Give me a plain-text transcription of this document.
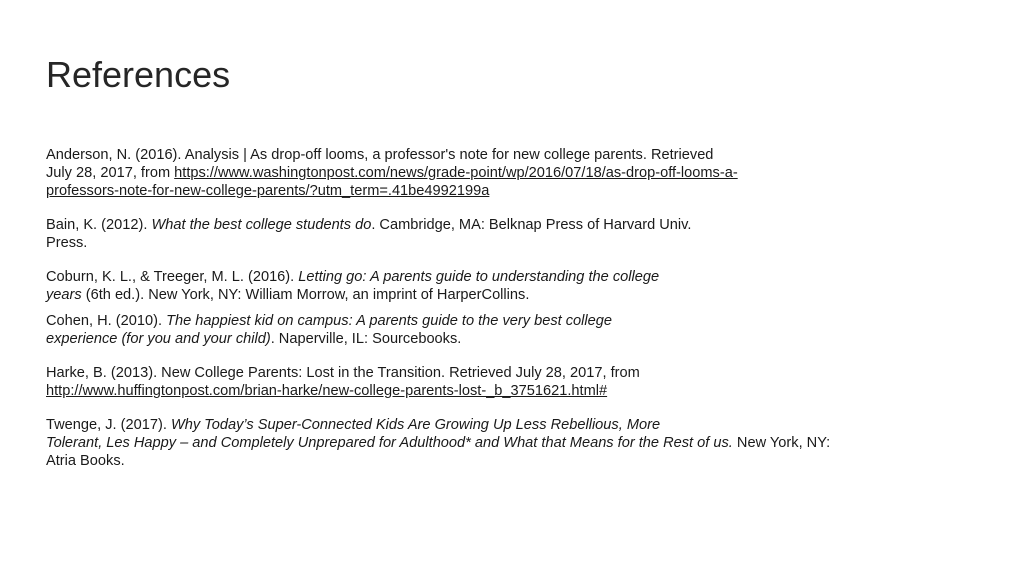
References

Anderson, N. (2016). Analysis | As drop-off looms, a professor's note for new college parents. Retrieved
July 28, 2017, from https://www.washingtonpost.com/news/grade-point/wp/2016/07/18/as-drop-off-looms-a-
professors-note-for-new-college-parents/?utm_term=.41be4992199a

Bain, K. (2012). What the best college students do. Cambridge, MA: Belknap Press of Harvard Univ.
Press.

Coburn, K. L., & Treeger, M. L. (2016). Letting go: A parents guide to understanding the college
years (6th ed.). New York, NY: William Morrow, an imprint of HarperCollins.

Cohen, H. (2010). The happiest kid on campus: A parents guide to the very best college
experience (for you and your child). Naperville, IL: Sourcebooks.

Harke, B. (2013). New College Parents: Lost in the Transition. Retrieved July 28, 2017, from
http://www.huffingtonpost.com/brian-harke/new-college-parents-lost-_b_3751621.html#

Twenge, J. (2017). Why Today’s Super-Connected Kids Are Growing Up Less Rebellious, More
Tolerant, Les Happy – and Completely Unprepared for Adulthood* and What that Means for the Rest of us. New York, NY:
Atria Books.
